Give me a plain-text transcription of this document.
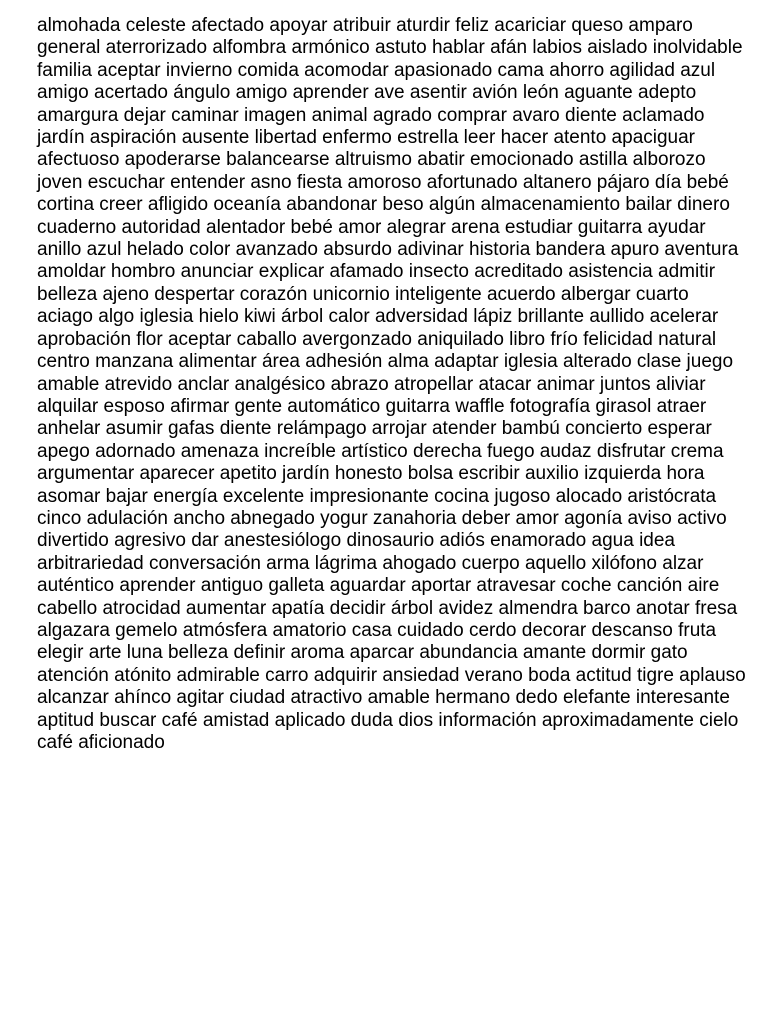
almohada celeste afectado apoyar atribuir aturdir feliz acariciar queso amparo
general aterrorizado alfombra armónico astuto hablar afán labios aislado inolvidable
familia aceptar invierno comida acomodar apasionado cama ahorro agilidad azul
amigo acertado ángulo amigo aprender ave asentir avión león aguante adepto
amargura dejar caminar imagen animal agrado comprar avaro diente aclamado
jardín aspiración ausente libertad enfermo estrella leer hacer atento apaciguar
afectuoso apoderarse balancearse altruismo abatir emocionado astilla alborozo
joven escuchar entender asno fiesta amoroso afortunado altanero pájaro día bebé
cortina creer afligido oceanía abandonar beso algún almacenamiento bailar dinero
cuaderno autoridad alentador bebé amor alegrar arena estudiar guitarra ayudar
anillo azul helado color avanzado absurdo adivinar historia bandera apuro aventura
amoldar hombro anunciar explicar afamado insecto acreditado asistencia admitir
belleza ajeno despertar corazón unicornio inteligente acuerdo albergar cuarto
aciago algo iglesia hielo kiwi árbol calor adversidad lápiz brillante aullido acelerar
aprobación flor aceptar caballo avergonzado aniquilado libro frío felicidad natural
centro manzana alimentar área adhesión alma adaptar iglesia alterado clase juego
amable atrevido anclar analgésico abrazo atropellar atacar animar juntos aliviar
alquilar esposo afirmar gente automático guitarra waffle fotografía girasol atraer
anhelar asumir gafas diente relámpago arrojar atender bambú concierto esperar
apego adornado amenaza increíble artístico derecha fuego audaz disfrutar crema
argumentar aparecer apetito jardín honesto bolsa escribir auxilio izquierda hora
asomar bajar energía excelente impresionante cocina jugoso alocado aristócrata
cinco adulación ancho abnegado yogur zanahoria deber amor agonía aviso activo
divertido agresivo dar anestesiólogo dinosaurio adiós enamorado agua idea
arbitrariedad conversación arma lágrima ahogado cuerpo aquello xilófono alzar
auténtico aprender antiguo galleta aguardar aportar atravesar coche canción aire
cabello atrocidad aumentar apatía decidir árbol avidez almendra barco anotar fresa
algazara gemelo atmósfera amatorio casa cuidado cerdo decorar descanso fruta
elegir arte luna belleza definir aroma aparcar abundancia amante dormir gato
atención atónito admirable carro adquirir ansiedad verano boda actitud tigre aplauso
alcanzar ahínco agitar ciudad atractivo amable hermano dedo elefante interesante
aptitud buscar café amistad aplicado duda dios información aproximadamente cielo
café aficionado
